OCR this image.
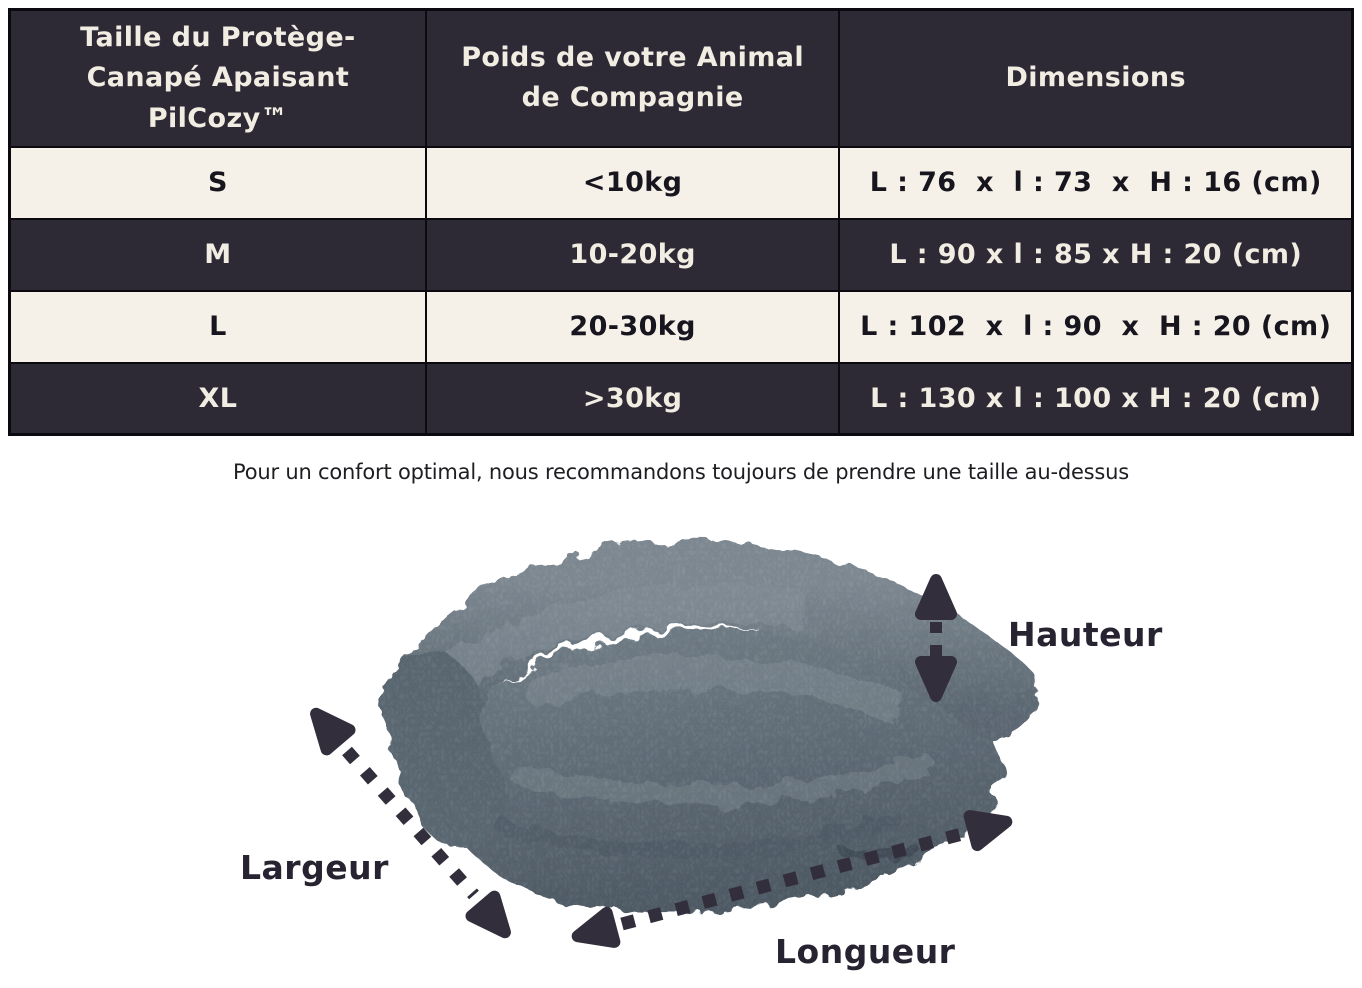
Taille du Protège-Canapé Apaisant PilCozy™	Poids de votre Animal de Compagnie	Dimensions
S	<10kg	L : 76  x  l : 73  x  H : 16 (cm)
M	10-20kg	L : 90 x l : 85 x H : 20 (cm)
L	20-30kg	L : 102  x  l : 90  x  H : 20 (cm)
XL	>30kg	L : 130 x l : 100 x H : 20 (cm)
Pour un confort optimal, nous recommandons toujours de prendre une taille au-dessus
Hauteur
Largeur
Longueur
